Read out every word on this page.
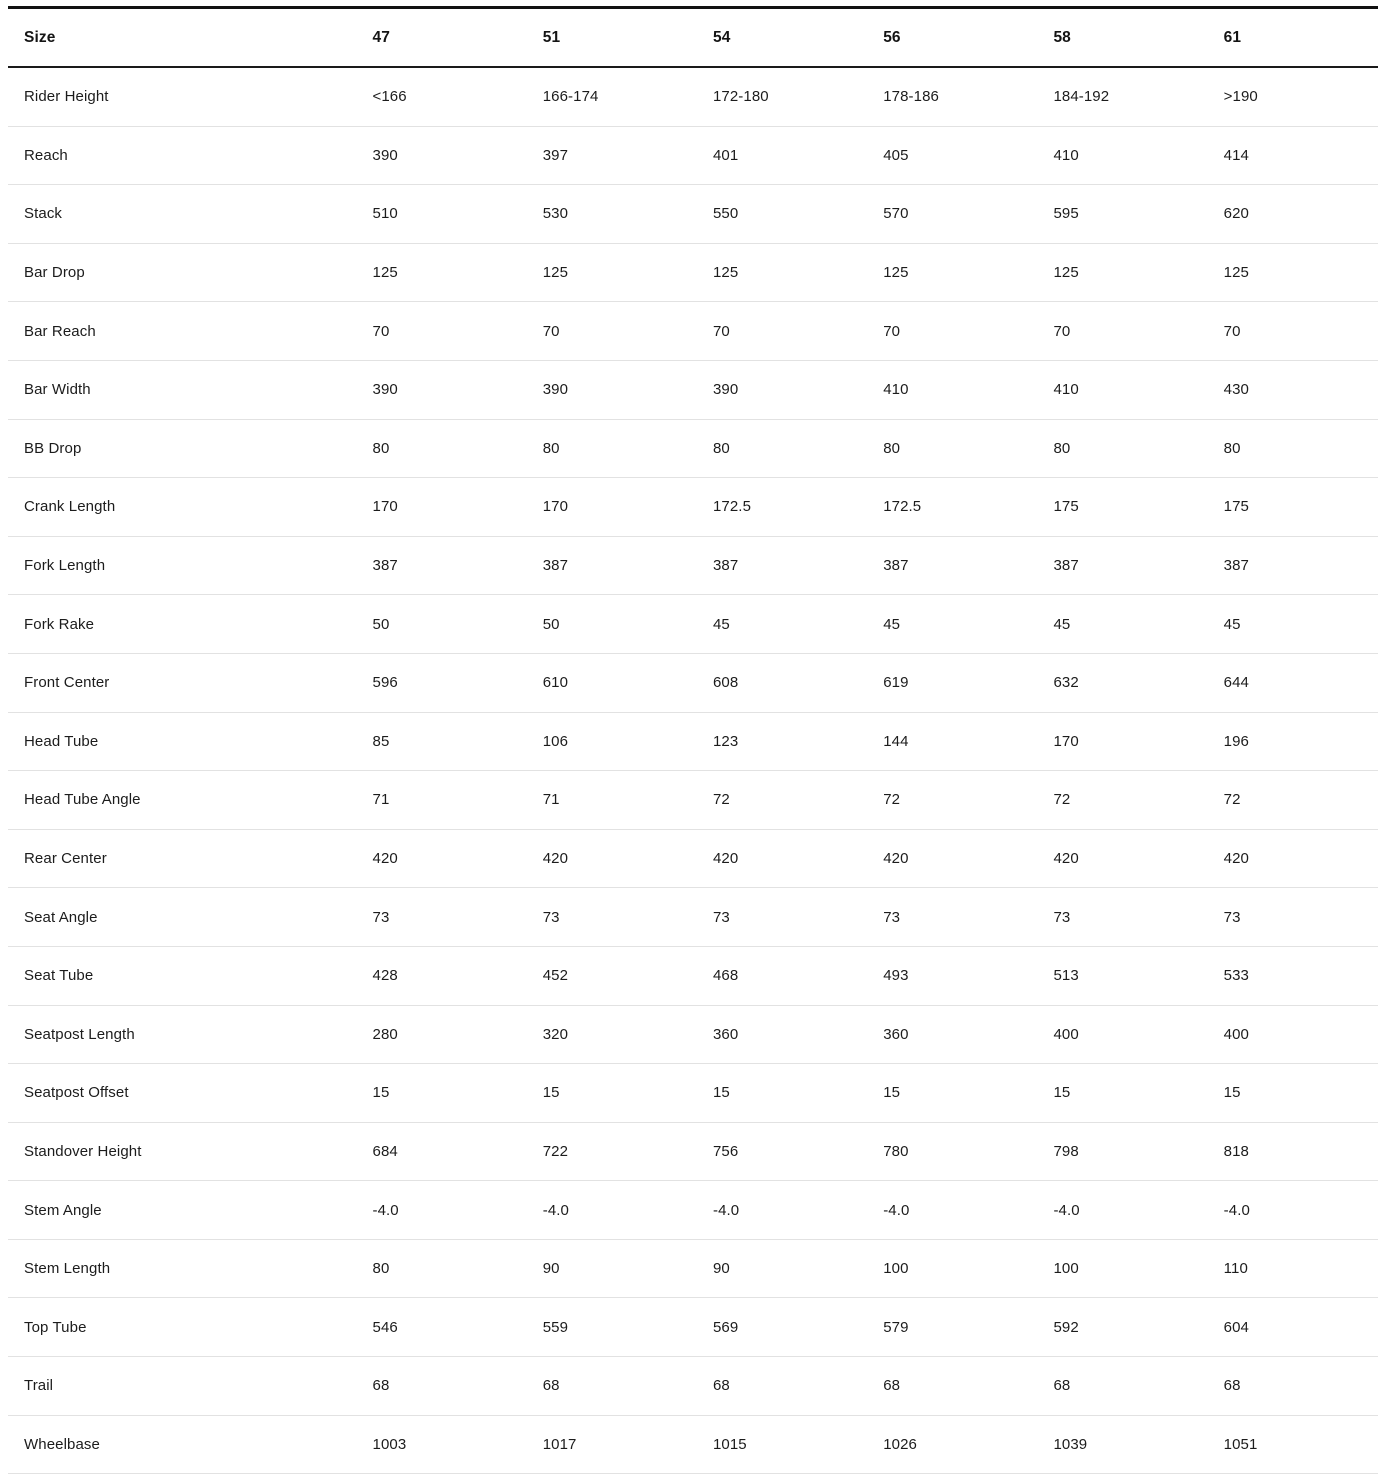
Size	47	51	54	56	58	61
Rider Height	<166	166-174	172-180	178-186	184-192	>190
Reach	390	397	401	405	410	414
Stack	510	530	550	570	595	620
Bar Drop	125	125	125	125	125	125
Bar Reach	70	70	70	70	70	70
Bar Width	390	390	390	410	410	430
BB Drop	80	80	80	80	80	80
Crank Length	170	170	172.5	172.5	175	175
Fork Length	387	387	387	387	387	387
Fork Rake	50	50	45	45	45	45
Front Center	596	610	608	619	632	644
Head Tube	85	106	123	144	170	196
Head Tube Angle	71	71	72	72	72	72
Rear Center	420	420	420	420	420	420
Seat Angle	73	73	73	73	73	73
Seat Tube	428	452	468	493	513	533
Seatpost Length	280	320	360	360	400	400
Seatpost Offset	15	15	15	15	15	15
Standover Height	684	722	756	780	798	818
Stem Angle	-4.0	-4.0	-4.0	-4.0	-4.0	-4.0
Stem Length	80	90	90	100	100	110
Top Tube	546	559	569	579	592	604
Trail	68	68	68	68	68	68
Wheelbase	1003	1017	1015	1026	1039	1051
